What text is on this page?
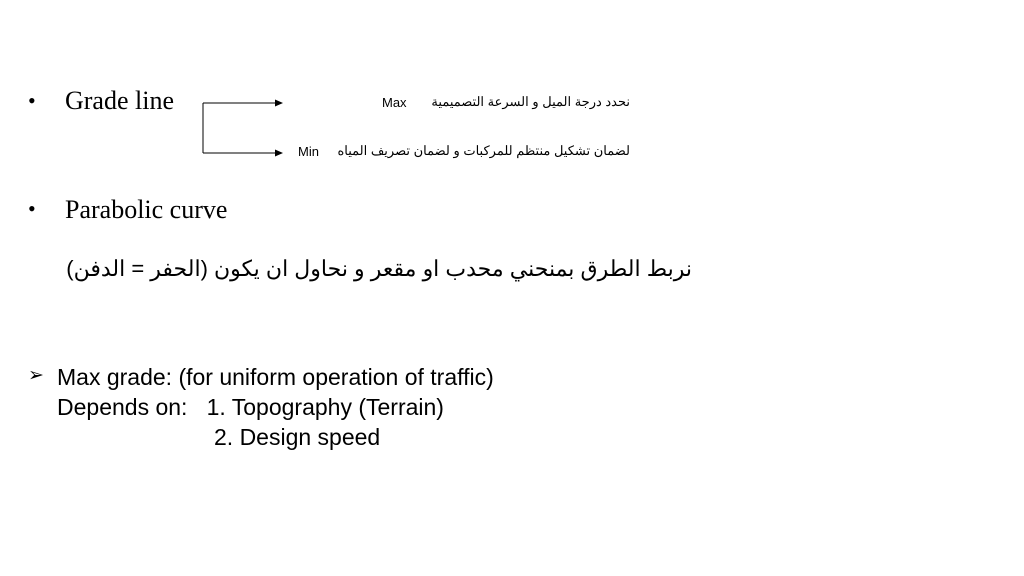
• Grade line	Max	نحدد درجة الميل و السرعة التصميمية
Min	لضمان تشكيل منتظم للمركبات و لضمان تصريف المياه
• Parabolic curve
نربط الطرق بمنحني محدب او مقعر و نحاول ان يكون (الحفر = الدفن)
➢ Max grade: (for uniform operation of traffic)
Depends on:   1. Topography (Terrain)
2. Design speed
